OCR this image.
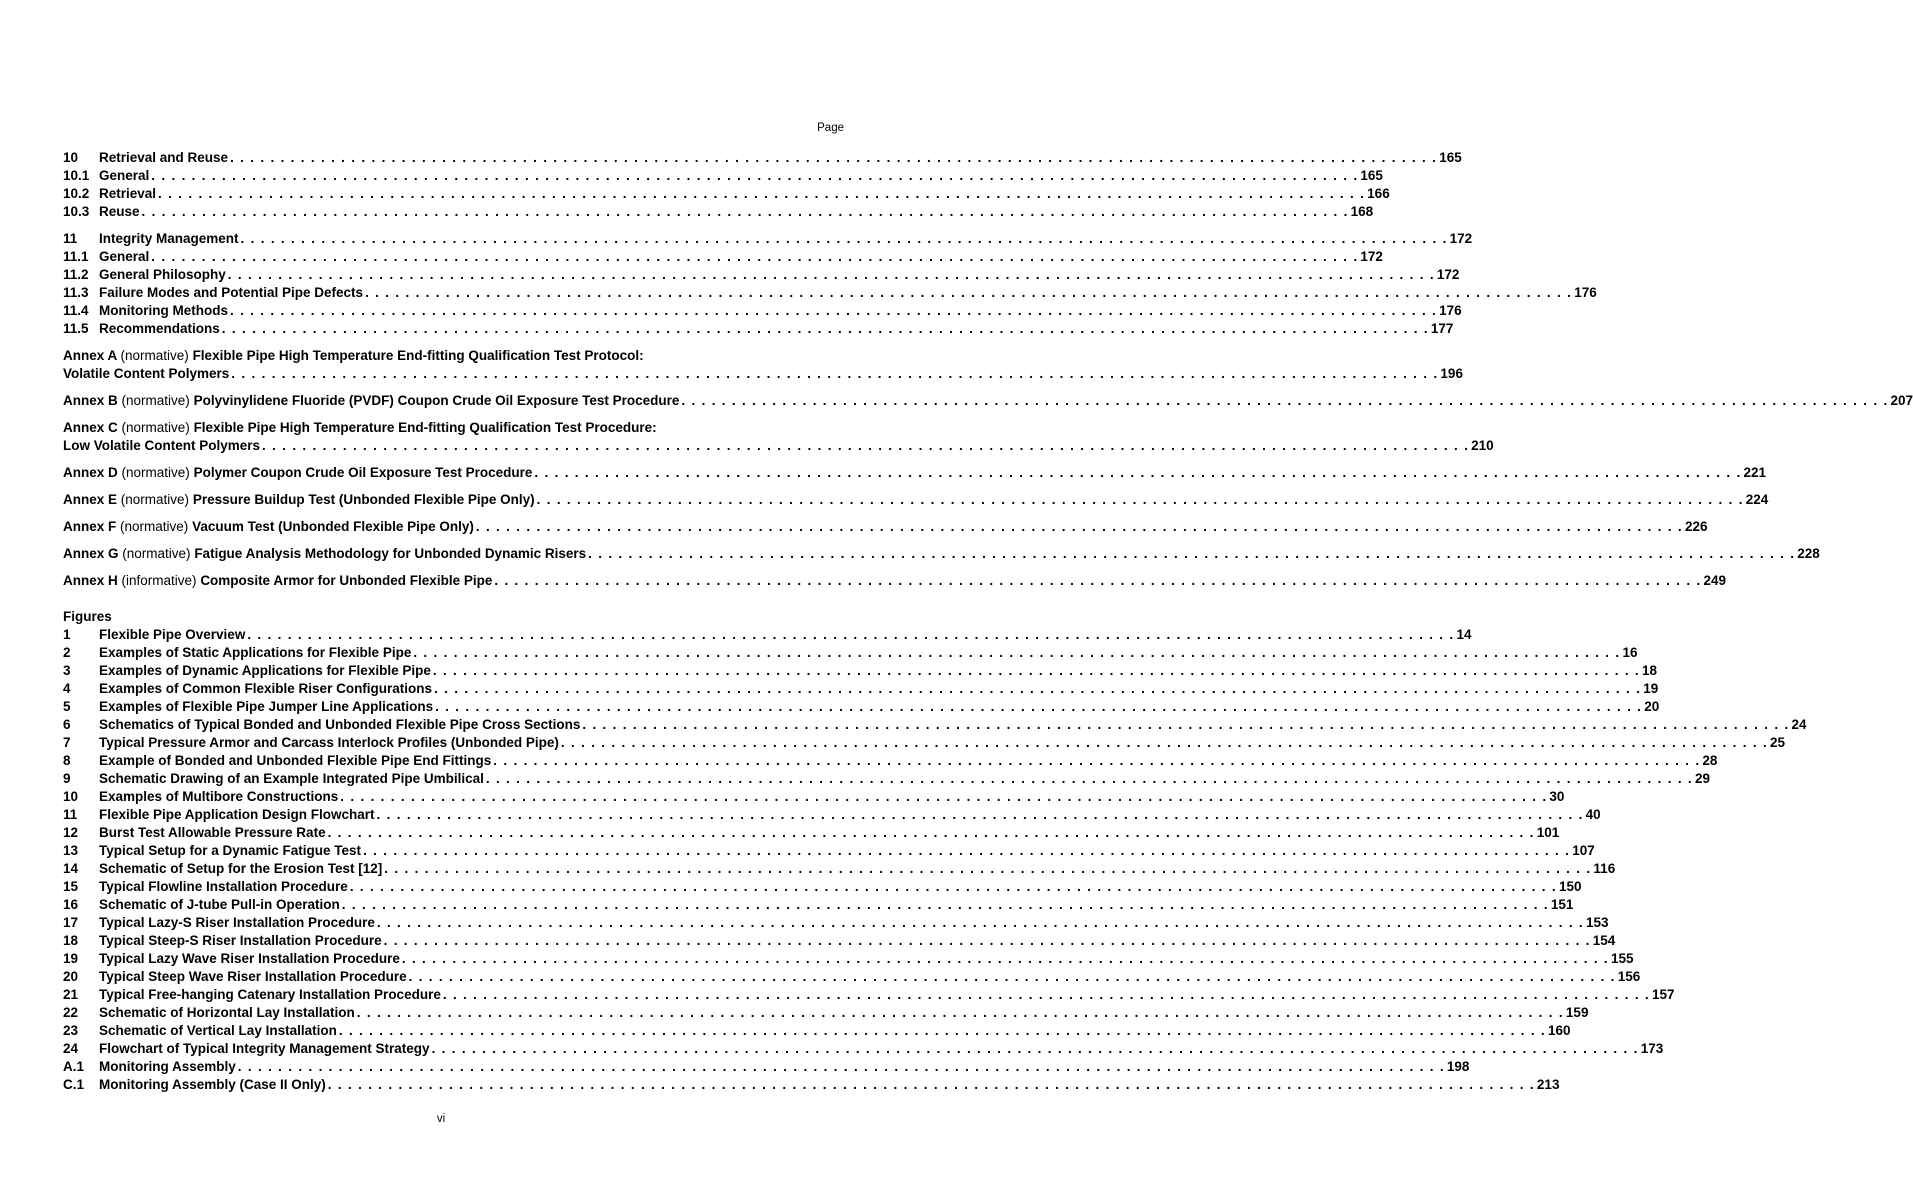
Page
10	Retrieval and Reuse . . . . . . . . . . . . . . . . . . . . . . . . . . . . . . . . . . . . . . . . . . . . . . . . . . . . . . . . . . . . . . . . . . . . . . . . . . . . . . . . . . . . . . . . . . . . . . . . . . . . . . . . . . . . . . . . . . . . . . . . 165
10.1 General . . . . . . . . . . . . . . . . . . . . . . . . . . . . . . . . . . . . . . . . . . . . . . . . . . . . . . . . . . . . . . . . . . . . . . . . . . . . . . . . . . . . . . . . . . . . . . . . . . . . . . . . . . . . . . . . . . . . . . . . 165
10.2 Retrieval . . . . . . . . . . . . . . . . . . . . . . . . . . . . . . . . . . . . . . . . . . . . . . . . . . . . . . . . . . . . . . . . . . . . . . . . . . . . . . . . . . . . . . . . . . . . . . . . . . . . . . . . . . . . . . . . . . . . . . . . 166
10.3 Reuse . . . . . . . . . . . . . . . . . . . . . . . . . . . . . . . . . . . . . . . . . . . . . . . . . . . . . . . . . . . . . . . . . . . . . . . . . . . . . . . . . . . . . . . . . . . . . . . . . . . . . . . . . . . . . . . . . . . . . . . . 168
11	Integrity Management . . . . . . . . . . . . . . . . . . . . . . . . . . . . . . . . . . . . . . . . . . . . . . . . . . . . . . . . . . . . . . . . . . . . . . . . . . . . . . . . . . . . . . . . . . . . . . . . . . . . . . . . . . . . . . . . . . . . . . . . 172
11.1 General . . . . . . . . . . . . . . . . . . . . . . . . . . . . . . . . . . . . . . . . . . . . . . . . . . . . . . . . . . . . . . . . . . . . . . . . . . . . . . . . . . . . . . . . . . . . . . . . . . . . . . . . . . . . . . . . . . . . . . . . 172
11.2 General Philosophy . . . . . . . . . . . . . . . . . . . . . . . . . . . . . . . . . . . . . . . . . . . . . . . . . . . . . . . . . . . . . . . . . . . . . . . . . . . . . . . . . . . . . . . . . . . . . . . . . . . . . . . . . . . . . . . . . . . . . . . . 172
11.3 Failure Modes and Potential Pipe Defects . . . . . . . . . . . . . . . . . . . . . . . . . . . . . . . . . . . . . . . . . . . . . . . . . . . . . . . . . . . . . . . . . . . . . . . . . . . . . . . . . . . . . . . . . . . . . . . . . . . . . . . . . . . . . . . . . . . . . . . . 176
11.4 Monitoring Methods . . . . . . . . . . . . . . . . . . . . . . . . . . . . . . . . . . . . . . . . . . . . . . . . . . . . . . . . . . . . . . . . . . . . . . . . . . . . . . . . . . . . . . . . . . . . . . . . . . . . . . . . . . . . . . . . . . . . . . . . 176
11.5 Recommendations . . . . . . . . . . . . . . . . . . . . . . . . . . . . . . . . . . . . . . . . . . . . . . . . . . . . . . . . . . . . . . . . . . . . . . . . . . . . . . . . . . . . . . . . . . . . . . . . . . . . . . . . . . . . . . . . . . . . . . . . 177
Annex A (normative) Flexible Pipe High Temperature End-fitting Qualification Test Protocol:
Volatile Content Polymers . . . . . . . . . . . . . . . . . . . . . . . . . . . . . . . . . . . . . . . . . . . . . . . . . . . . . . . . . . . . . . . . . . . . . . . . . . . . . . . . . . . . . . . . . . . . . . . . . . . . . . . . . . . . . . . . . . . . . . . . 196
Annex B (normative) Polyvinylidene Fluoride (PVDF) Coupon Crude Oil Exposure Test Procedure . . . . . . . . . . . . . . . . . . . . . . . . . . . . . . . . . . . . . . . . . . . . . . . . . . . . . . . . . . . . . . . . . . . . . . . . . . . . . . . . . . . . . . . . . . . . . . . . . . . . . . . . . . . . . . . . . . . . . . . . 207
Annex C (normative) Flexible Pipe High Temperature End-fitting Qualification Test Procedure:
Low Volatile Content Polymers . . . . . . . . . . . . . . . . . . . . . . . . . . . . . . . . . . . . . . . . . . . . . . . . . . . . . . . . . . . . . . . . . . . . . . . . . . . . . . . . . . . . . . . . . . . . . . . . . . . . . . . . . . . . . . . . . . . . . . . . 210
Annex D (normative) Polymer Coupon Crude Oil Exposure Test Procedure . . . . . . . . . . . . . . . . . . . . . . . . . . . . . . . . . . . . . . . . . . . . . . . . . . . . . . . . . . . . . . . . . . . . . . . . . . . . . . . . . . . . . . . . . . . . . . . . . . . . . . . . . . . . . . . . . . . . . . . . 221
Annex E (normative) Pressure Buildup Test (Unbonded Flexible Pipe Only) . . . . . . . . . . . . . . . . . . . . . . . . . . . . . . . . . . . . . . . . . . . . . . . . . . . . . . . . . . . . . . . . . . . . . . . . . . . . . . . . . . . . . . . . . . . . . . . . . . . . . . . . . . . . . . . . . . . . . . . . 224
Annex F (normative) Vacuum Test (Unbonded Flexible Pipe Only) . . . . . . . . . . . . . . . . . . . . . . . . . . . . . . . . . . . . . . . . . . . . . . . . . . . . . . . . . . . . . . . . . . . . . . . . . . . . . . . . . . . . . . . . . . . . . . . . . . . . . . . . . . . . . . . . . . . . . . . . 226
Annex G (normative) Fatigue Analysis Methodology for Unbonded Dynamic Risers . . . . . . . . . . . . . . . . . . . . . . . . . . . . . . . . . . . . . . . . . . . . . . . . . . . . . . . . . . . . . . . . . . . . . . . . . . . . . . . . . . . . . . . . . . . . . . . . . . . . . . . . . . . . . . . . . . . . . . . . 228
Annex H (informative) Composite Armor for Unbonded Flexible Pipe . . . . . . . . . . . . . . . . . . . . . . . . . . . . . . . . . . . . . . . . . . . . . . . . . . . . . . . . . . . . . . . . . . . . . . . . . . . . . . . . . . . . . . . . . . . . . . . . . . . . . . . . . . . . . . . . . . . . . . . . 249
Figures
1	Flexible Pipe Overview . . . . . . . . . . . . . . . . . . . . . . . . . . . . . . . . . . . . . . . . . . . . . . . . . . . . . . . . . . . . . . . . . . . . . . . . . . . . . . . . . . . . . . . . . . . . . . . . . . . . . . . . . . . . . . . . . . . . . . . . 14
2	Examples of Static Applications for Flexible Pipe . . . . . . . . . . . . . . . . . . . . . . . . . . . . . . . . . . . . . . . . . . . . . . . . . . . . . . . . . . . . . . . . . . . . . . . . . . . . . . . . . . . . . . . . . . . . . . . . . . . . . . . . . . . . . . . . . . . . . . . . 16
3	Examples of Dynamic Applications for Flexible Pipe . . . . . . . . . . . . . . . . . . . . . . . . . . . . . . . . . . . . . . . . . . . . . . . . . . . . . . . . . . . . . . . . . . . . . . . . . . . . . . . . . . . . . . . . . . . . . . . . . . . . . . . . . . . . . . . . . . . . . . . . 18
4	Examples of Common Flexible Riser Configurations . . . . . . . . . . . . . . . . . . . . . . . . . . . . . . . . . . . . . . . . . . . . . . . . . . . . . . . . . . . . . . . . . . . . . . . . . . . . . . . . . . . . . . . . . . . . . . . . . . . . . . . . . . . . . . . . . . . . . . . . 19
5	Examples of Flexible Pipe Jumper Line Applications . . . . . . . . . . . . . . . . . . . . . . . . . . . . . . . . . . . . . . . . . . . . . . . . . . . . . . . . . . . . . . . . . . . . . . . . . . . . . . . . . . . . . . . . . . . . . . . . . . . . . . . . . . . . . . . . . . . . . . . . 20
6	Schematics of Typical Bonded and Unbonded Flexible Pipe Cross Sections . . . . . . . . . . . . . . . . . . . . . . . . . . . . . . . . . . . . . . . . . . . . . . . . . . . . . . . . . . . . . . . . . . . . . . . . . . . . . . . . . . . . . . . . . . . . . . . . . . . . . . . . . . . . . . . . . . . . . . . . 24
7	Typical Pressure Armor and Carcass Interlock Profiles (Unbonded Pipe) . . . . . . . . . . . . . . . . . . . . . . . . . . . . . . . . . . . . . . . . . . . . . . . . . . . . . . . . . . . . . . . . . . . . . . . . . . . . . . . . . . . . . . . . . . . . . . . . . . . . . . . . . . . . . . . . . . . . . . . . 25
8	Example of Bonded and Unbonded Flexible Pipe End Fittings . . . . . . . . . . . . . . . . . . . . . . . . . . . . . . . . . . . . . . . . . . . . . . . . . . . . . . . . . . . . . . . . . . . . . . . . . . . . . . . . . . . . . . . . . . . . . . . . . . . . . . . . . . . . . . . . . . . . . . . . 28
9	Schematic Drawing of an Example Integrated Pipe Umbilical . . . . . . . . . . . . . . . . . . . . . . . . . . . . . . . . . . . . . . . . . . . . . . . . . . . . . . . . . . . . . . . . . . . . . . . . . . . . . . . . . . . . . . . . . . . . . . . . . . . . . . . . . . . . . . . . . . . . . . . . 29
10	Examples of Multibore Constructions . . . . . . . . . . . . . . . . . . . . . . . . . . . . . . . . . . . . . . . . . . . . . . . . . . . . . . . . . . . . . . . . . . . . . . . . . . . . . . . . . . . . . . . . . . . . . . . . . . . . . . . . . . . . . . . . . . . . . . . . 30
11	Flexible Pipe Application Design Flowchart . . . . . . . . . . . . . . . . . . . . . . . . . . . . . . . . . . . . . . . . . . . . . . . . . . . . . . . . . . . . . . . . . . . . . . . . . . . . . . . . . . . . . . . . . . . . . . . . . . . . . . . . . . . . . . . . . . . . . . . . 40
12	Burst Test Allowable Pressure Rate . . . . . . . . . . . . . . . . . . . . . . . . . . . . . . . . . . . . . . . . . . . . . . . . . . . . . . . . . . . . . . . . . . . . . . . . . . . . . . . . . . . . . . . . . . . . . . . . . . . . . . . . . . . . . . . . . . . . . . . . 101
13	Typical Setup for a Dynamic Fatigue Test . . . . . . . . . . . . . . . . . . . . . . . . . . . . . . . . . . . . . . . . . . . . . . . . . . . . . . . . . . . . . . . . . . . . . . . . . . . . . . . . . . . . . . . . . . . . . . . . . . . . . . . . . . . . . . . . . . . . . . . . 107
14	Schematic of Setup for the Erosion Test [12] . . . . . . . . . . . . . . . . . . . . . . . . . . . . . . . . . . . . . . . . . . . . . . . . . . . . . . . . . . . . . . . . . . . . . . . . . . . . . . . . . . . . . . . . . . . . . . . . . . . . . . . . . . . . . . . . . . . . . . . . 116
15	Typical Flowline Installation Procedure . . . . . . . . . . . . . . . . . . . . . . . . . . . . . . . . . . . . . . . . . . . . . . . . . . . . . . . . . . . . . . . . . . . . . . . . . . . . . . . . . . . . . . . . . . . . . . . . . . . . . . . . . . . . . . . . . . . . . . . . 150
16	Schematic of J-tube Pull-in Operation . . . . . . . . . . . . . . . . . . . . . . . . . . . . . . . . . . . . . . . . . . . . . . . . . . . . . . . . . . . . . . . . . . . . . . . . . . . . . . . . . . . . . . . . . . . . . . . . . . . . . . . . . . . . . . . . . . . . . . . . 151
17	Typical Lazy-S Riser Installation Procedure . . . . . . . . . . . . . . . . . . . . . . . . . . . . . . . . . . . . . . . . . . . . . . . . . . . . . . . . . . . . . . . . . . . . . . . . . . . . . . . . . . . . . . . . . . . . . . . . . . . . . . . . . . . . . . . . . . . . . . . . 153
18	Typical Steep-S Riser Installation Procedure . . . . . . . . . . . . . . . . . . . . . . . . . . . . . . . . . . . . . . . . . . . . . . . . . . . . . . . . . . . . . . . . . . . . . . . . . . . . . . . . . . . . . . . . . . . . . . . . . . . . . . . . . . . . . . . . . . . . . . . . 154
19	Typical Lazy Wave Riser Installation Procedure . . . . . . . . . . . . . . . . . . . . . . . . . . . . . . . . . . . . . . . . . . . . . . . . . . . . . . . . . . . . . . . . . . . . . . . . . . . . . . . . . . . . . . . . . . . . . . . . . . . . . . . . . . . . . . . . . . . . . . . . 155
20	Typical Steep Wave Riser Installation Procedure . . . . . . . . . . . . . . . . . . . . . . . . . . . . . . . . . . . . . . . . . . . . . . . . . . . . . . . . . . . . . . . . . . . . . . . . . . . . . . . . . . . . . . . . . . . . . . . . . . . . . . . . . . . . . . . . . . . . . . . . 156
21	Typical Free-hanging Catenary Installation Procedure . . . . . . . . . . . . . . . . . . . . . . . . . . . . . . . . . . . . . . . . . . . . . . . . . . . . . . . . . . . . . . . . . . . . . . . . . . . . . . . . . . . . . . . . . . . . . . . . . . . . . . . . . . . . . . . . . . . . . . . . 157
22	Schematic of Horizontal Lay Installation . . . . . . . . . . . . . . . . . . . . . . . . . . . . . . . . . . . . . . . . . . . . . . . . . . . . . . . . . . . . . . . . . . . . . . . . . . . . . . . . . . . . . . . . . . . . . . . . . . . . . . . . . . . . . . . . . . . . . . . . 159
23	Schematic of Vertical Lay Installation . . . . . . . . . . . . . . . . . . . . . . . . . . . . . . . . . . . . . . . . . . . . . . . . . . . . . . . . . . . . . . . . . . . . . . . . . . . . . . . . . . . . . . . . . . . . . . . . . . . . . . . . . . . . . . . . . . . . . . . . 160
24	Flowchart of Typical Integrity Management Strategy . . . . . . . . . . . . . . . . . . . . . . . . . . . . . . . . . . . . . . . . . . . . . . . . . . . . . . . . . . . . . . . . . . . . . . . . . . . . . . . . . . . . . . . . . . . . . . . . . . . . . . . . . . . . . . . . . . . . . . . . 173
A.1	Monitoring Assembly . . . . . . . . . . . . . . . . . . . . . . . . . . . . . . . . . . . . . . . . . . . . . . . . . . . . . . . . . . . . . . . . . . . . . . . . . . . . . . . . . . . . . . . . . . . . . . . . . . . . . . . . . . . . . . . . . . . . . . . . 198
C.1	Monitoring Assembly (Case II Only) . . . . . . . . . . . . . . . . . . . . . . . . . . . . . . . . . . . . . . . . . . . . . . . . . . . . . . . . . . . . . . . . . . . . . . . . . . . . . . . . . . . . . . . . . . . . . . . . . . . . . . . . . . . . . . . . . . . . . . . . 213
vi
